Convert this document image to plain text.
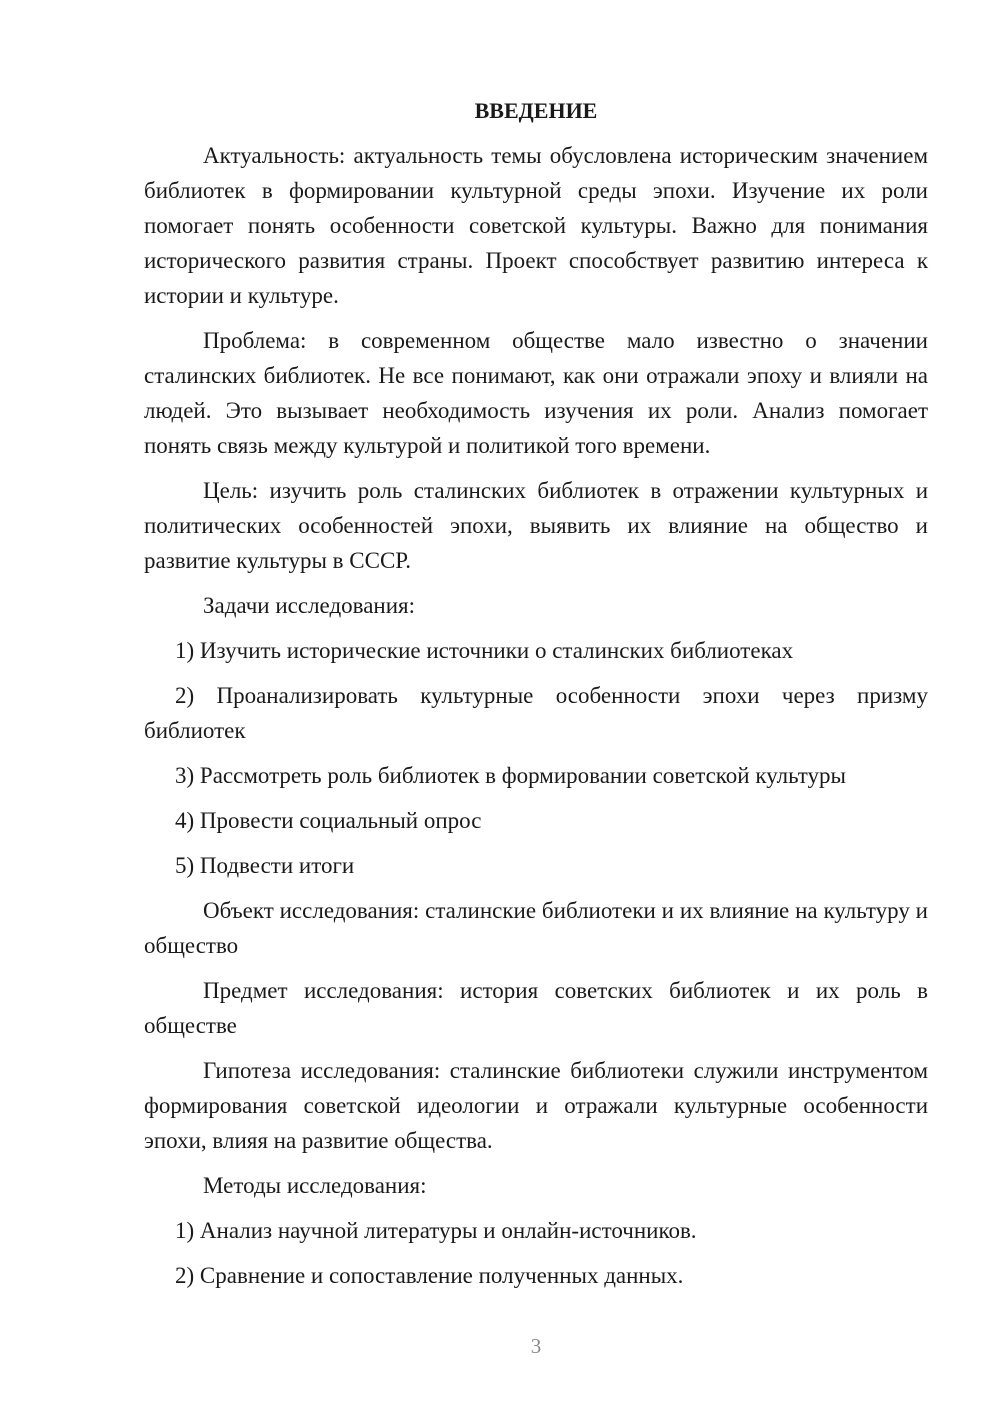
ВВЕДЕНИЕ

Актуальность: актуальность темы обусловлена историческим значением библиотек в формировании культурной среды эпохи. Изучение их роли помогает понять особенности советской культуры. Важно для понимания исторического развития страны. Проект способствует развитию интереса к истории и культуре.

Проблема: в современном обществе мало известно о значении сталинских библиотек. Не все понимают, как они отражали эпоху и влияли на людей. Это вызывает необходимость изучения их роли. Анализ помогает понять связь между культурой и политикой того времени.

Цель: изучить роль сталинских библиотек в отражении культурных и политических особенностей эпохи, выявить их влияние на общество и развитие культуры в СССР.

Задачи исследования:

1) Изучить исторические источники о сталинских библиотеках

2) Проанализировать культурные особенности эпохи через призму библиотек

3) Рассмотреть роль библиотек в формировании советской культуры

4) Провести социальный опрос

5) Подвести итоги

Объект исследования: сталинские библиотеки и их влияние на культуру и общество

Предмет исследования: история советских библиотек и их роль в обществе

Гипотеза исследования: сталинские библиотеки служили инструментом формирования советской идеологии и отражали культурные особенности эпохи, влияя на развитие общества.

Методы исследования:

1) Анализ научной литературы и онлайн-источников.

2) Сравнение и сопоставление полученных данных.

3
